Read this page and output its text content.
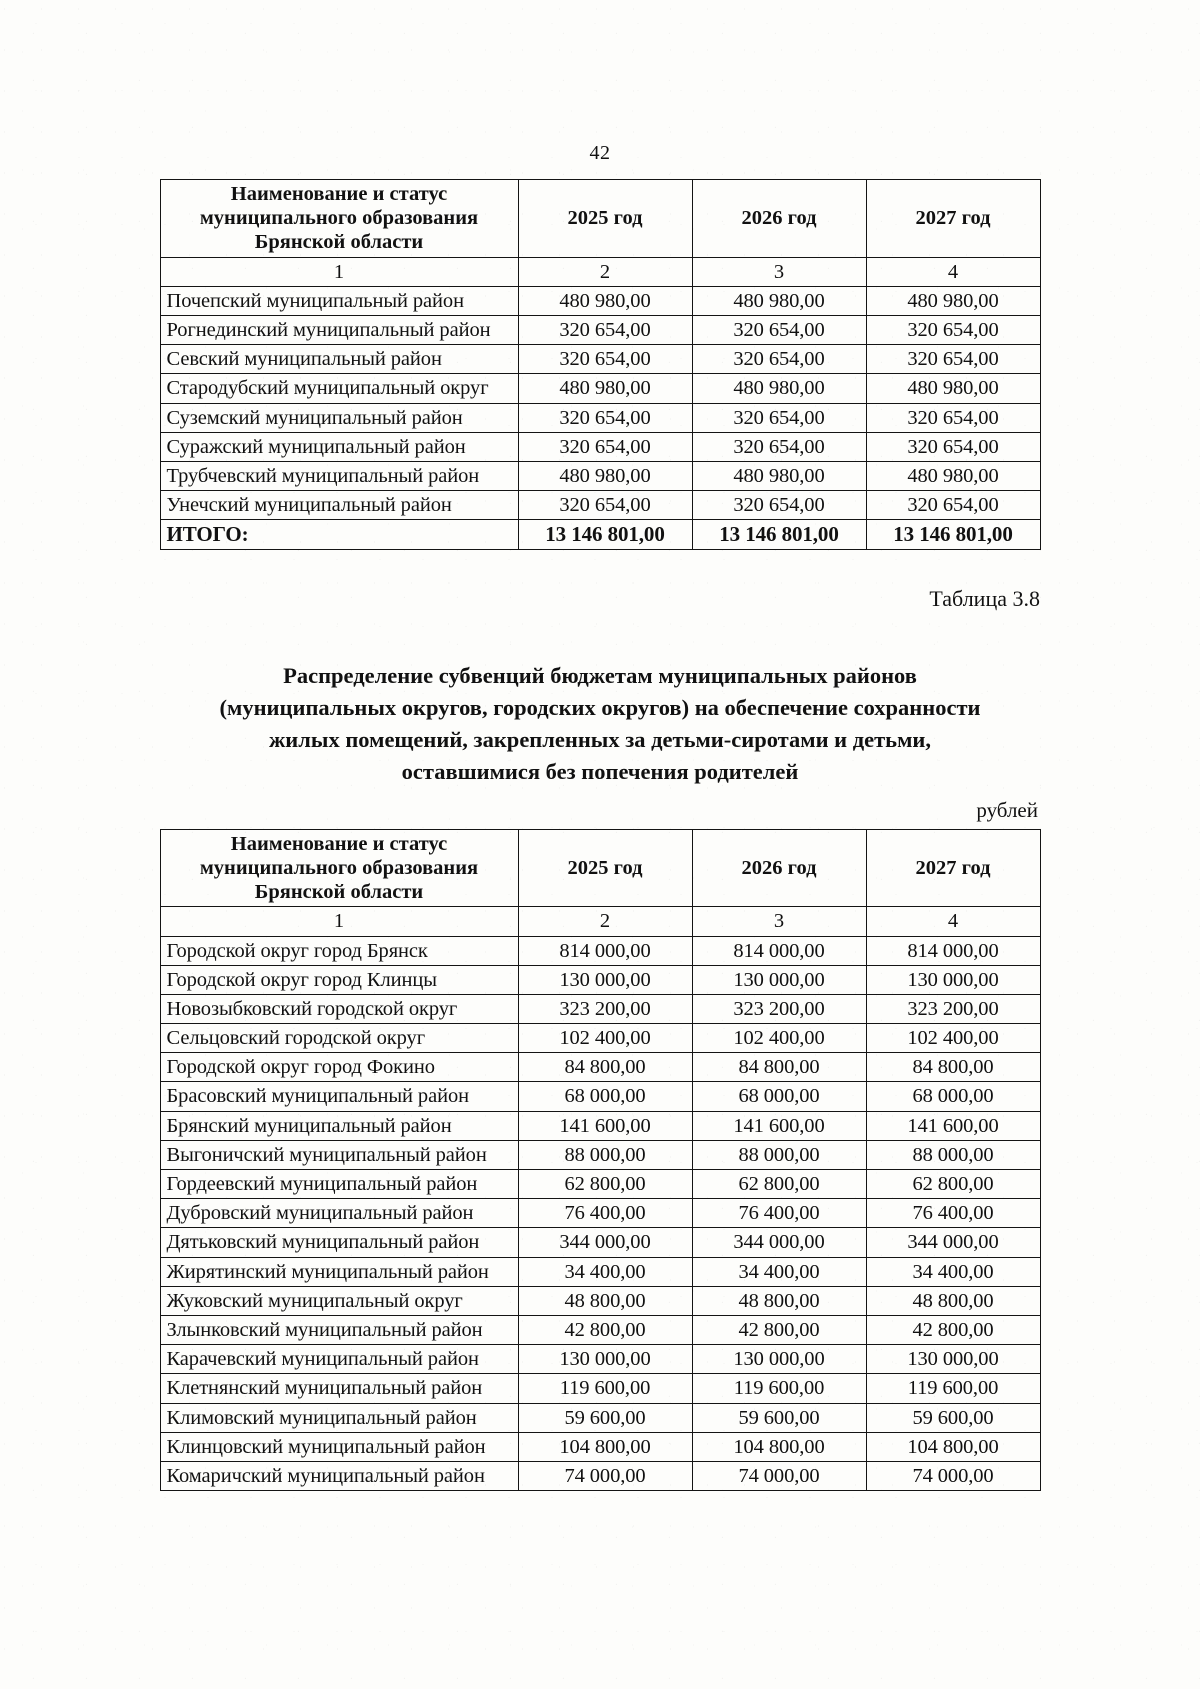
42
Наименование и статус
муниципального образования
Брянской области	2025 год	2026 год	2027 год
1	2	3	4
Почепский муниципальный район	480 980,00	480 980,00	480 980,00
Рогнединский муниципальный район	320 654,00	320 654,00	320 654,00
Севский муниципальный район	320 654,00	320 654,00	320 654,00
Стародубский муниципальный округ	480 980,00	480 980,00	480 980,00
Суземский муниципальный район	320 654,00	320 654,00	320 654,00
Суражский муниципальный район	320 654,00	320 654,00	320 654,00
Трубчевский муниципальный район	480 980,00	480 980,00	480 980,00
Унечский муниципальный район	320 654,00	320 654,00	320 654,00
ИТОГО:	13 146 801,00	13 146 801,00	13 146 801,00
Таблица 3.8
Распределение субвенций бюджетам муниципальных районов
(муниципальных округов, городских округов) на обеспечение сохранности
жилых помещений, закрепленных за детьми-сиротами и детьми,
оставшимися без попечения родителей
рублей
Наименование и статус
муниципального образования
Брянской области	2025 год	2026 год	2027 год
1	2	3	4
Городской округ город Брянск	814 000,00	814 000,00	814 000,00
Городской округ город Клинцы	130 000,00	130 000,00	130 000,00
Новозыбковский городской округ	323 200,00	323 200,00	323 200,00
Сельцовский городской округ	102 400,00	102 400,00	102 400,00
Городской округ город Фокино	84 800,00	84 800,00	84 800,00
Брасовский муниципальный район	68 000,00	68 000,00	68 000,00
Брянский муниципальный район	141 600,00	141 600,00	141 600,00
Выгоничский муниципальный район	88 000,00	88 000,00	88 000,00
Гордеевский муниципальный район	62 800,00	62 800,00	62 800,00
Дубровский муниципальный район	76 400,00	76 400,00	76 400,00
Дятьковский муниципальный район	344 000,00	344 000,00	344 000,00
Жирятинский муниципальный район	34 400,00	34 400,00	34 400,00
Жуковский муниципальный округ	48 800,00	48 800,00	48 800,00
Злынковский муниципальный район	42 800,00	42 800,00	42 800,00
Карачевский муниципальный район	130 000,00	130 000,00	130 000,00
Клетнянский муниципальный район	119 600,00	119 600,00	119 600,00
Климовский муниципальный район	59 600,00	59 600,00	59 600,00
Клинцовский муниципальный район	104 800,00	104 800,00	104 800,00
Комаричский муниципальный район	74 000,00	74 000,00	74 000,00
